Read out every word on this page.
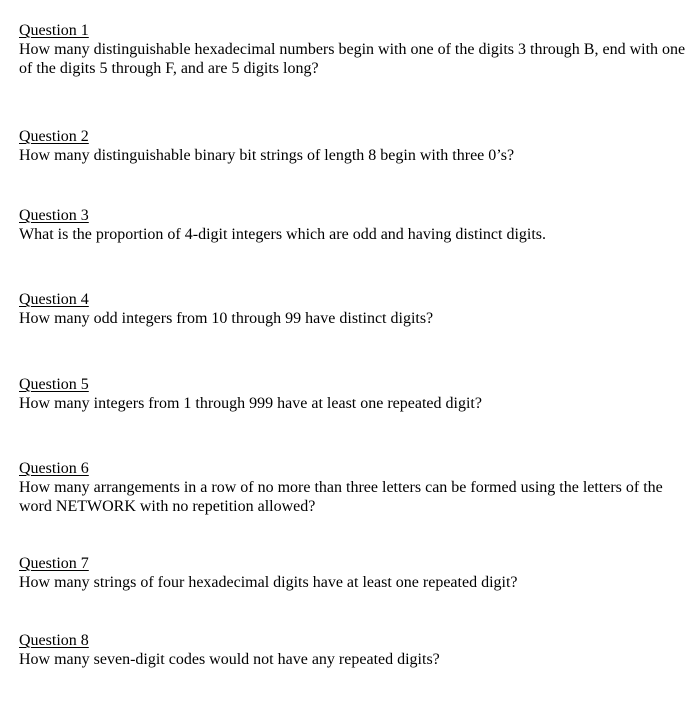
Question 1
How many distinguishable hexadecimal numbers begin with one of the digits 3 through B, end with one of the digits 5 through F, and are 5 digits long?
Question 2
How many distinguishable binary bit strings of length 8 begin with three 0’s?
Question 3
What is the proportion of 4-digit integers which are odd and having distinct digits.
Question 4
How many odd integers from 10 through 99 have distinct digits?
Question 5
How many integers from 1 through 999 have at least one repeated digit?
Question 6
How many arrangements in a row of no more than three letters can be formed using the letters of the word NETWORK with no repetition allowed?
Question 7
How many strings of four hexadecimal digits have at least one repeated digit?
Question 8
How many seven-digit codes would not have any repeated digits?
